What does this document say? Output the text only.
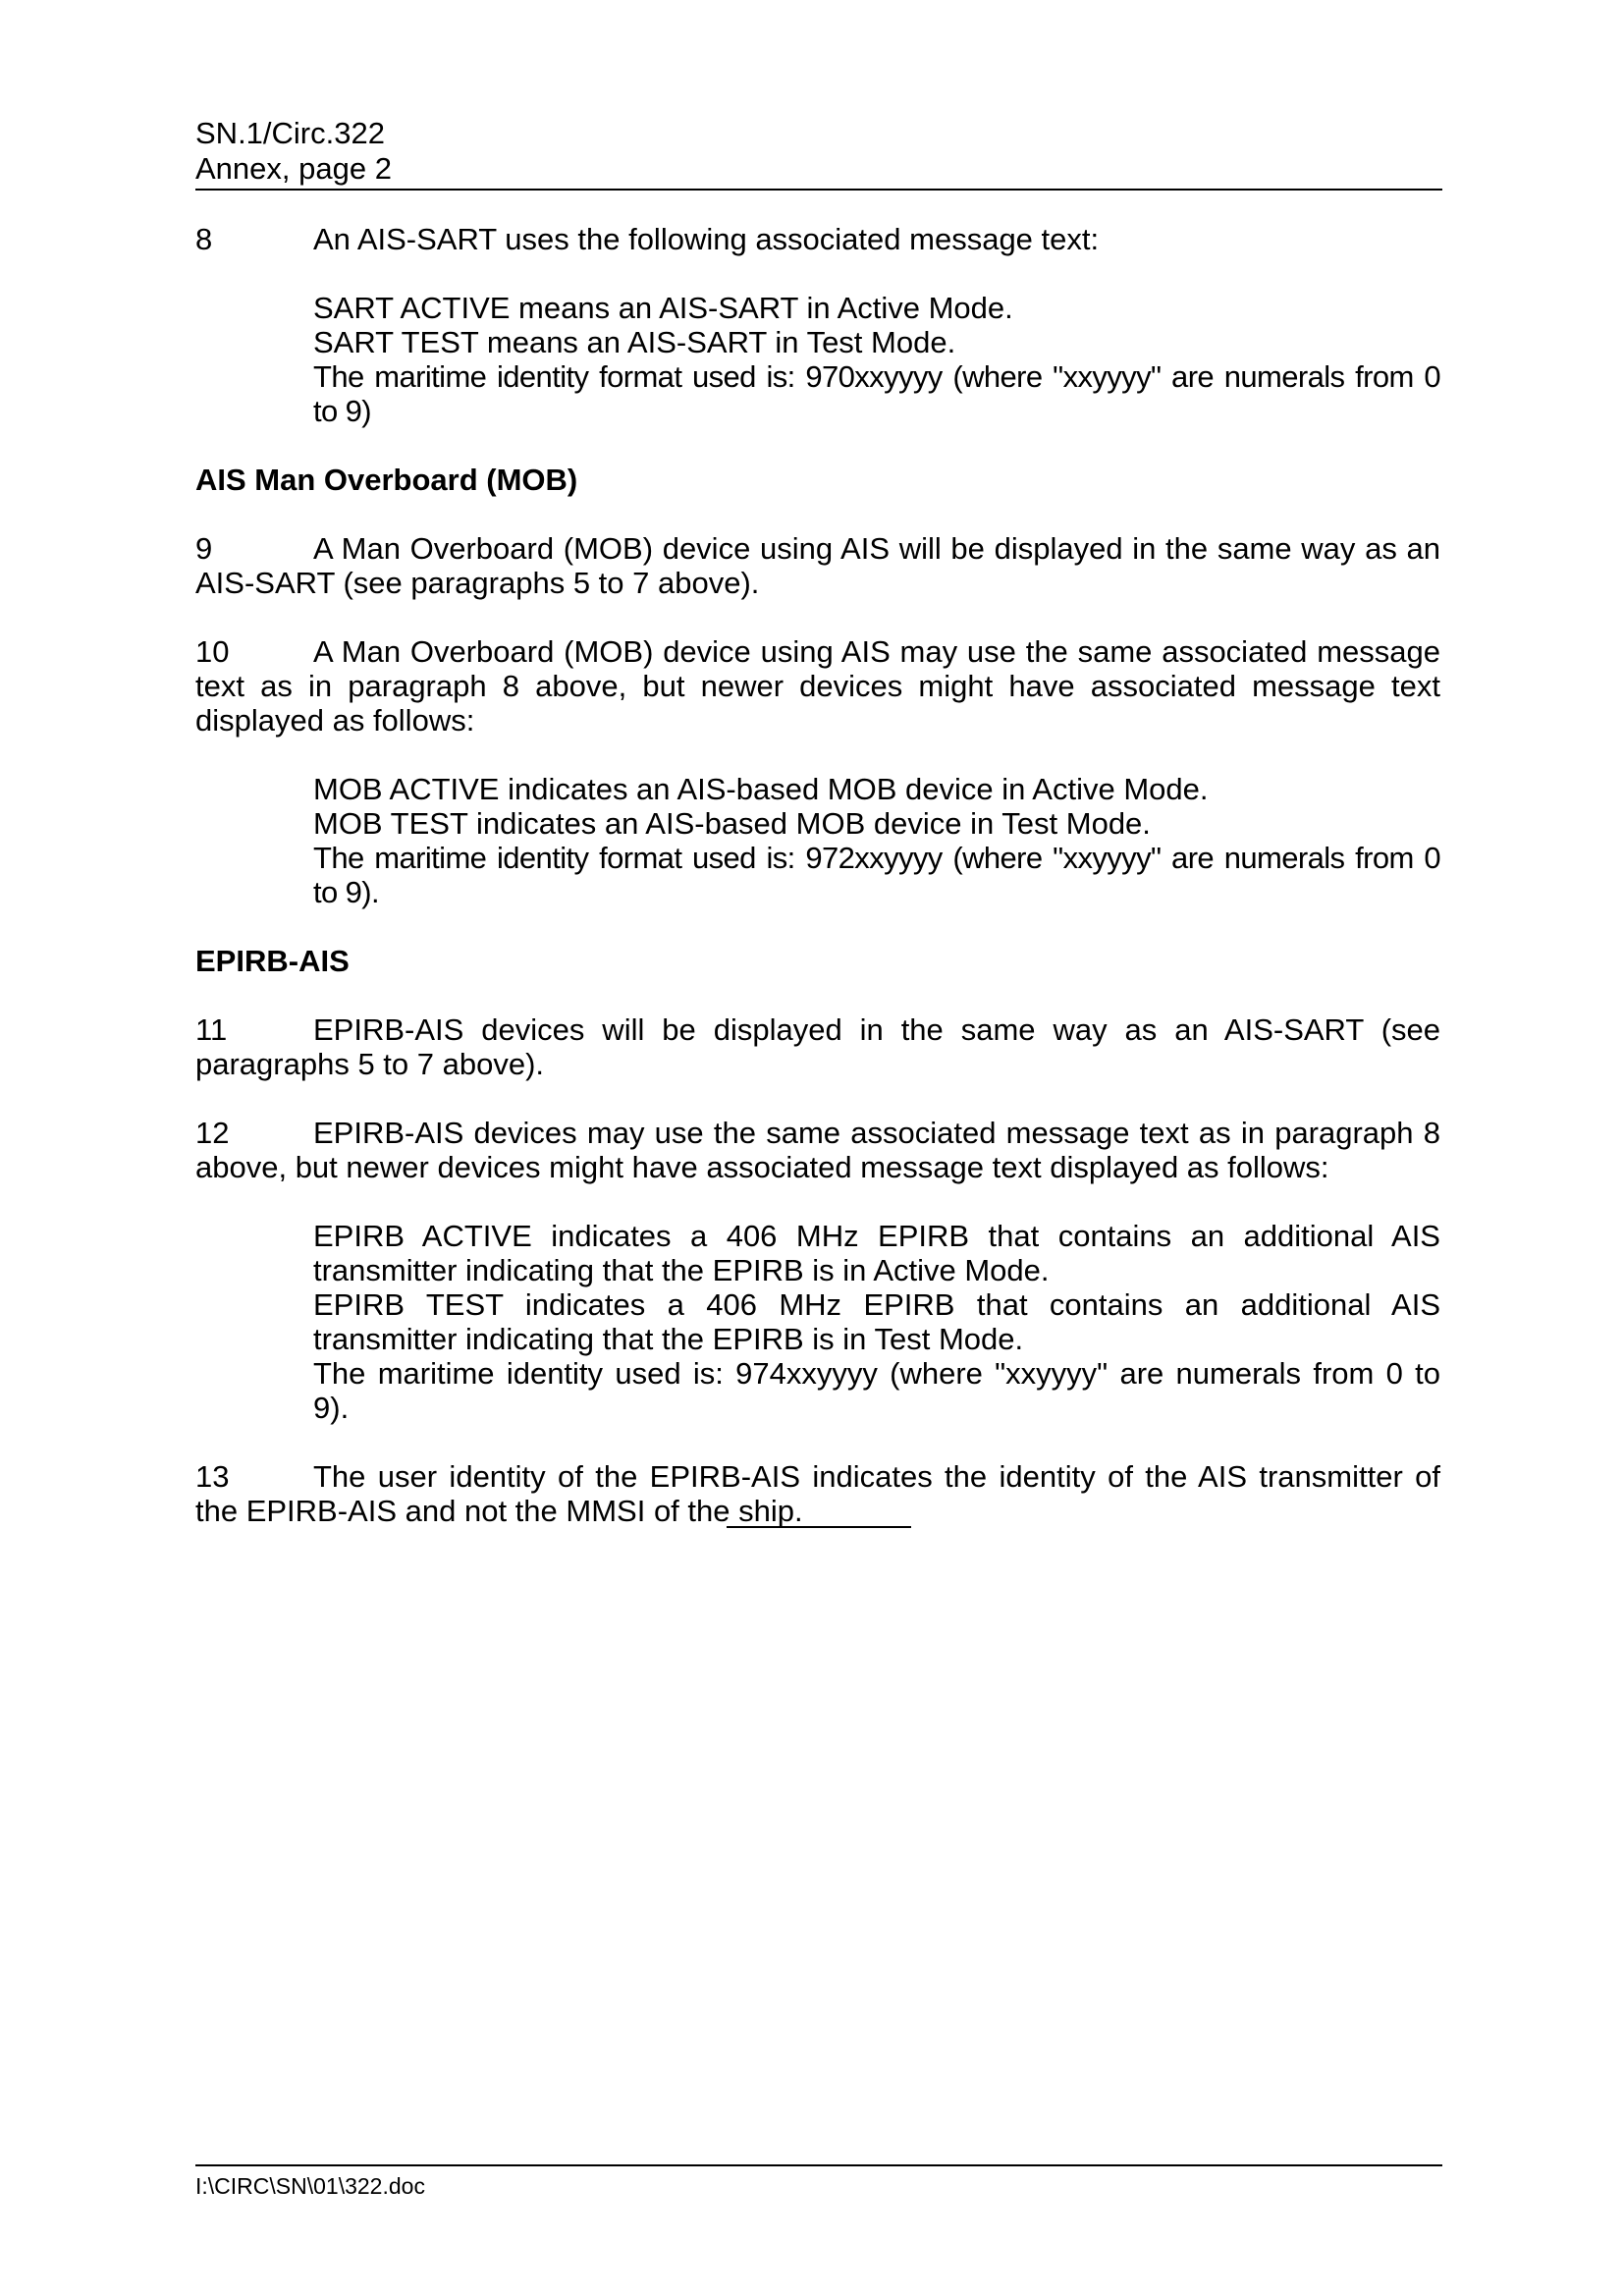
SN.1/Circ.322
Annex, page 2

8	An AIS-SART uses the following associated message text:

SART ACTIVE means an AIS-SART in Active Mode.
SART TEST means an AIS-SART in Test Mode.
The maritime identity format used is: 970xxyyyy (where "xxyyyy" are numerals from 0 to 9)
AIS Man Overboard (MOB)

9	A Man Overboard (MOB) device using AIS will be displayed in the same way as an AIS-SART (see paragraphs 5 to 7 above).

10	A Man Overboard (MOB) device using AIS may use the same associated message text as in paragraph 8 above, but newer devices might have associated message text displayed as follows:

MOB ACTIVE indicates an AIS-based MOB device in Active Mode.
MOB TEST indicates an AIS-based MOB device in Test Mode.
The maritime identity format used is: 972xxyyyy (where "xxyyyy" are numerals from 0 to 9).
EPIRB-AIS

11	EPIRB-AIS devices will be displayed in the same way as an AIS-SART (see paragraphs 5 to 7 above).

12	EPIRB-AIS devices may use the same associated message text as in paragraph 8 above, but newer devices might have associated message text displayed as follows:

EPIRB ACTIVE indicates a 406 MHz EPIRB that contains an additional AIS transmitter indicating that the EPIRB is in Active Mode.
EPIRB TEST indicates a 406 MHz EPIRB that contains an additional AIS transmitter indicating that the EPIRB is in Test Mode.
The maritime identity used is: 974xxyyyy (where "xxyyyy" are numerals from 0 to 9).

13	The user identity of the EPIRB-AIS indicates the identity of the AIS transmitter of the EPIRB-AIS and not the MMSI of the ship.

I:\CIRC\SN\01\322.doc
